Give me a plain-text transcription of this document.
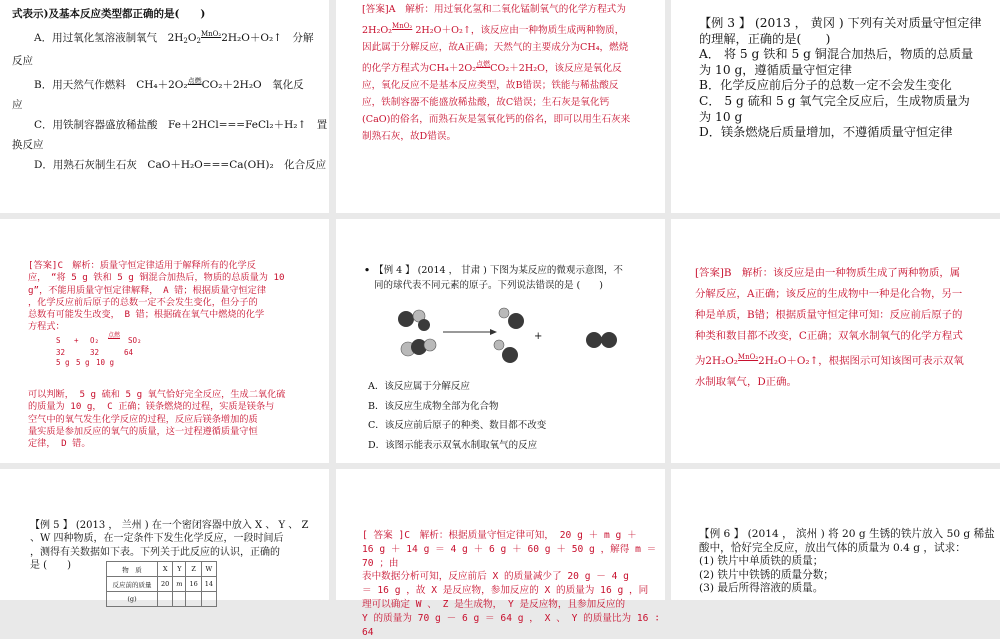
式表示)及基本反应类型都正确的是(　　)

A．用过氧化氢溶液制氧气　$2H_2O_2^{MnO_2}2H_2O+O_2↑$　分解

反应

B．用天然气作燃料　CH₄＋2O₂$^{点燃}$CO₂＋2H₂O　氧化反

应

C．用铁制容器盛放稀盐酸　Fe＋2HCl===FeCl₂＋H₂↑　置

换反应

D．用熟石灰制生石灰　CaO＋H₂O===Ca(OH)₂　化合反应

[答案]A　解析：用过氧化氢和二氧化锰制氧气的化学方程式为

2H₂O₂$^{MnO_2}$ 2H₂O＋O₂↑，该反应由一种物质生成两种物质，

因此属于分解反应，故A正确；天然气的主要成分为CH₄，燃烧

的化学方程式为CH₄＋2O₂$^{点燃}$CO₂＋2H₂O，该反应是氧化反

应，氧化反应不是基本反应类型，故B错误；铁能与稀盐酸反

应，铁制容器不能盛放稀盐酸，故C错误；生石灰是氧化钙

(CaO)的俗名，而熟石灰是氢氧化钙的俗名，即可以用生石灰来

制熟石灰，故D错误。

【例 3 】 (2013 ， 黄冈 ) 下列有关对质量守恒定律

的理解，正确的是(　　)

A． 将 5 g 铁和 5 g 铜混合加热后，物质的总质量

为 10 g，遵循质量守恒定律

B．化学反应前后分子的总数一定不会发生变化

C． 5 g 硫和 5 g 氧气完全反应后，生成物质量为

为 10 g

D．镁条燃烧后质量增加，不遵循质量守恒定律

[答案]C　解析：质量守恒定律适用于解释所有的化学反

应，　“将 5 g 铁和 5 g 铜混合加热后，物质的总质量为 10

g”，不能用质量守恒定律解释，　A 错；根据质量守恒定律

，化学反应前后原子的总数一定不会发生变化，但分子的

总数有可能发生改变，　B 错；根据硫在氧气中燃烧的化学

方程式：

S + O₂
点燃
SO₂
32	32	64
5 g 5 g 10 g

可以判断， 5 g 硫和 5 g 氧气恰好完全反应，生成二氧化硫

的质量为 10 g， C 正确；镁条燃烧的过程，实质是镁条与

空气中的氧气发生化学反应的过程，反应后镁条增加的质

量实质是参加反应的氧气的质量，这一过程遵循质量守恒

定律， D 错。

• 【例 4 】 (2014 ， 甘肃 ) 下图为某反应的微观示意图，不

同的球代表不同元素的原子。下列说法错误的是 (　　)

+

A．该反应属于分解反应

B．该反应生成物全部为化合物

C．该反应前后原子的种类、数目都不改变

D．该图示能表示双氧水制取氧气的反应

[答案]B　解析：该反应是由一种物质生成了两种物质，属

分解反应，A正确；该反应的生成物中一种是化合物，另一

种是单质，B错；根据质量守恒定律可知：反应前后原子的

种类和数目都不改变，C正确；双氧水制氧气的化学方程式

为2H₂O₂$^{MnO_2}$2H₂O＋O₂↑，根据图示可知该图可表示双氧

水制取氧气，D正确。

【例 5 】 (2013 ， 兰州 ) 在一个密闭容器中放入 X 、 Y 、 Z

、W 四种物质，在一定条件下发生化学反应，一段时间后

，测得有关数据如下表。下列关于此反应的认识，正确的

是 (　　)	物　质	X	Y	Z	W
反应前的质量	20	m	16	14
(g)				

[ 答案 ]C　解析：根据质量守恒定律可知， 20 g ＋ m g ＋

16 g ＋ 14 g ＝ 4 g ＋ 6 g ＋ 60 g ＋ 50 g ，解得 m ＝ 70 ；由

表中数据分析可知，反应前后 X 的质量减少了 20 g － 4 g

＝ 16 g ，故 X 是反应物，参加反应的 X 的质量为 16 g ，同

理可以确定 W 、 Z 是生成物， Y 是反应物，且参加反应的

Y 的质量为 70 g － 6 g ＝ 64 g ， X 、 Y 的质量比为 16 ∶ 64

【例 6 】 (2014 ， 滨州 ) 将 20 g 生锈的铁片放入 50 g 稀盐

酸中，恰好完全反应，放出气体的质量为 0.4 g ，试求：

(1) 铁片中单质铁的质量；

(2) 铁片中铁锈的质量分数；

(3) 最后所得溶液的质量。
